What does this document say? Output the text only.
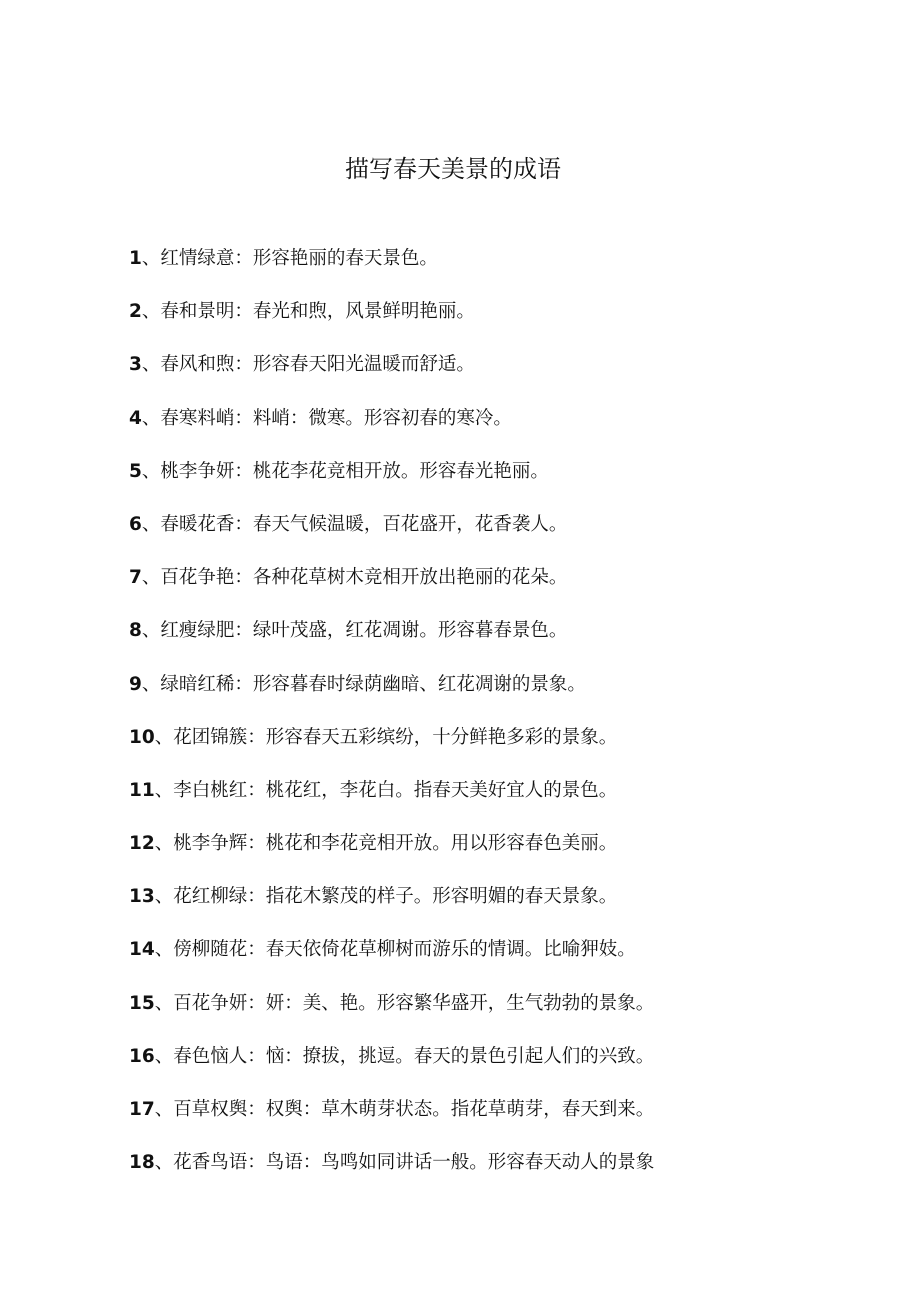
描写春天美景的成语
1、红情绿意：形容艳丽的春天景色。
2、春和景明：春光和煦，风景鲜明艳丽。
3、春风和煦：形容春天阳光温暖而舒适。
4、春寒料峭：料峭：微寒。形容初春的寒冷。
5、桃李争妍：桃花李花竞相开放。形容春光艳丽。
6、春暖花香：春天气候温暖，百花盛开，花香袭人。
7、百花争艳：各种花草树木竞相开放出艳丽的花朵。
8、红瘦绿肥：绿叶茂盛，红花凋谢。形容暮春景色。
9、绿暗红稀：形容暮春时绿荫幽暗、红花凋谢的景象。
10、花团锦簇：形容春天五彩缤纷，十分鲜艳多彩的景象。
11、李白桃红：桃花红，李花白。指春天美好宜人的景色。
12、桃李争辉：桃花和李花竞相开放。用以形容春色美丽。
13、花红柳绿：指花木繁茂的样子。形容明媚的春天景象。
14、傍柳随花：春天依倚花草柳树而游乐的情调。比喻狎妓。
15、百花争妍：妍：美、艳。形容繁华盛开，生气勃勃的景象。
16、春色恼人：恼：撩拔，挑逗。春天的景色引起人们的兴致。
17、百草权舆：权舆：草木萌芽状态。指花草萌芽，春天到来。
18、花香鸟语：鸟语：鸟鸣如同讲话一般。形容春天动人的景象
